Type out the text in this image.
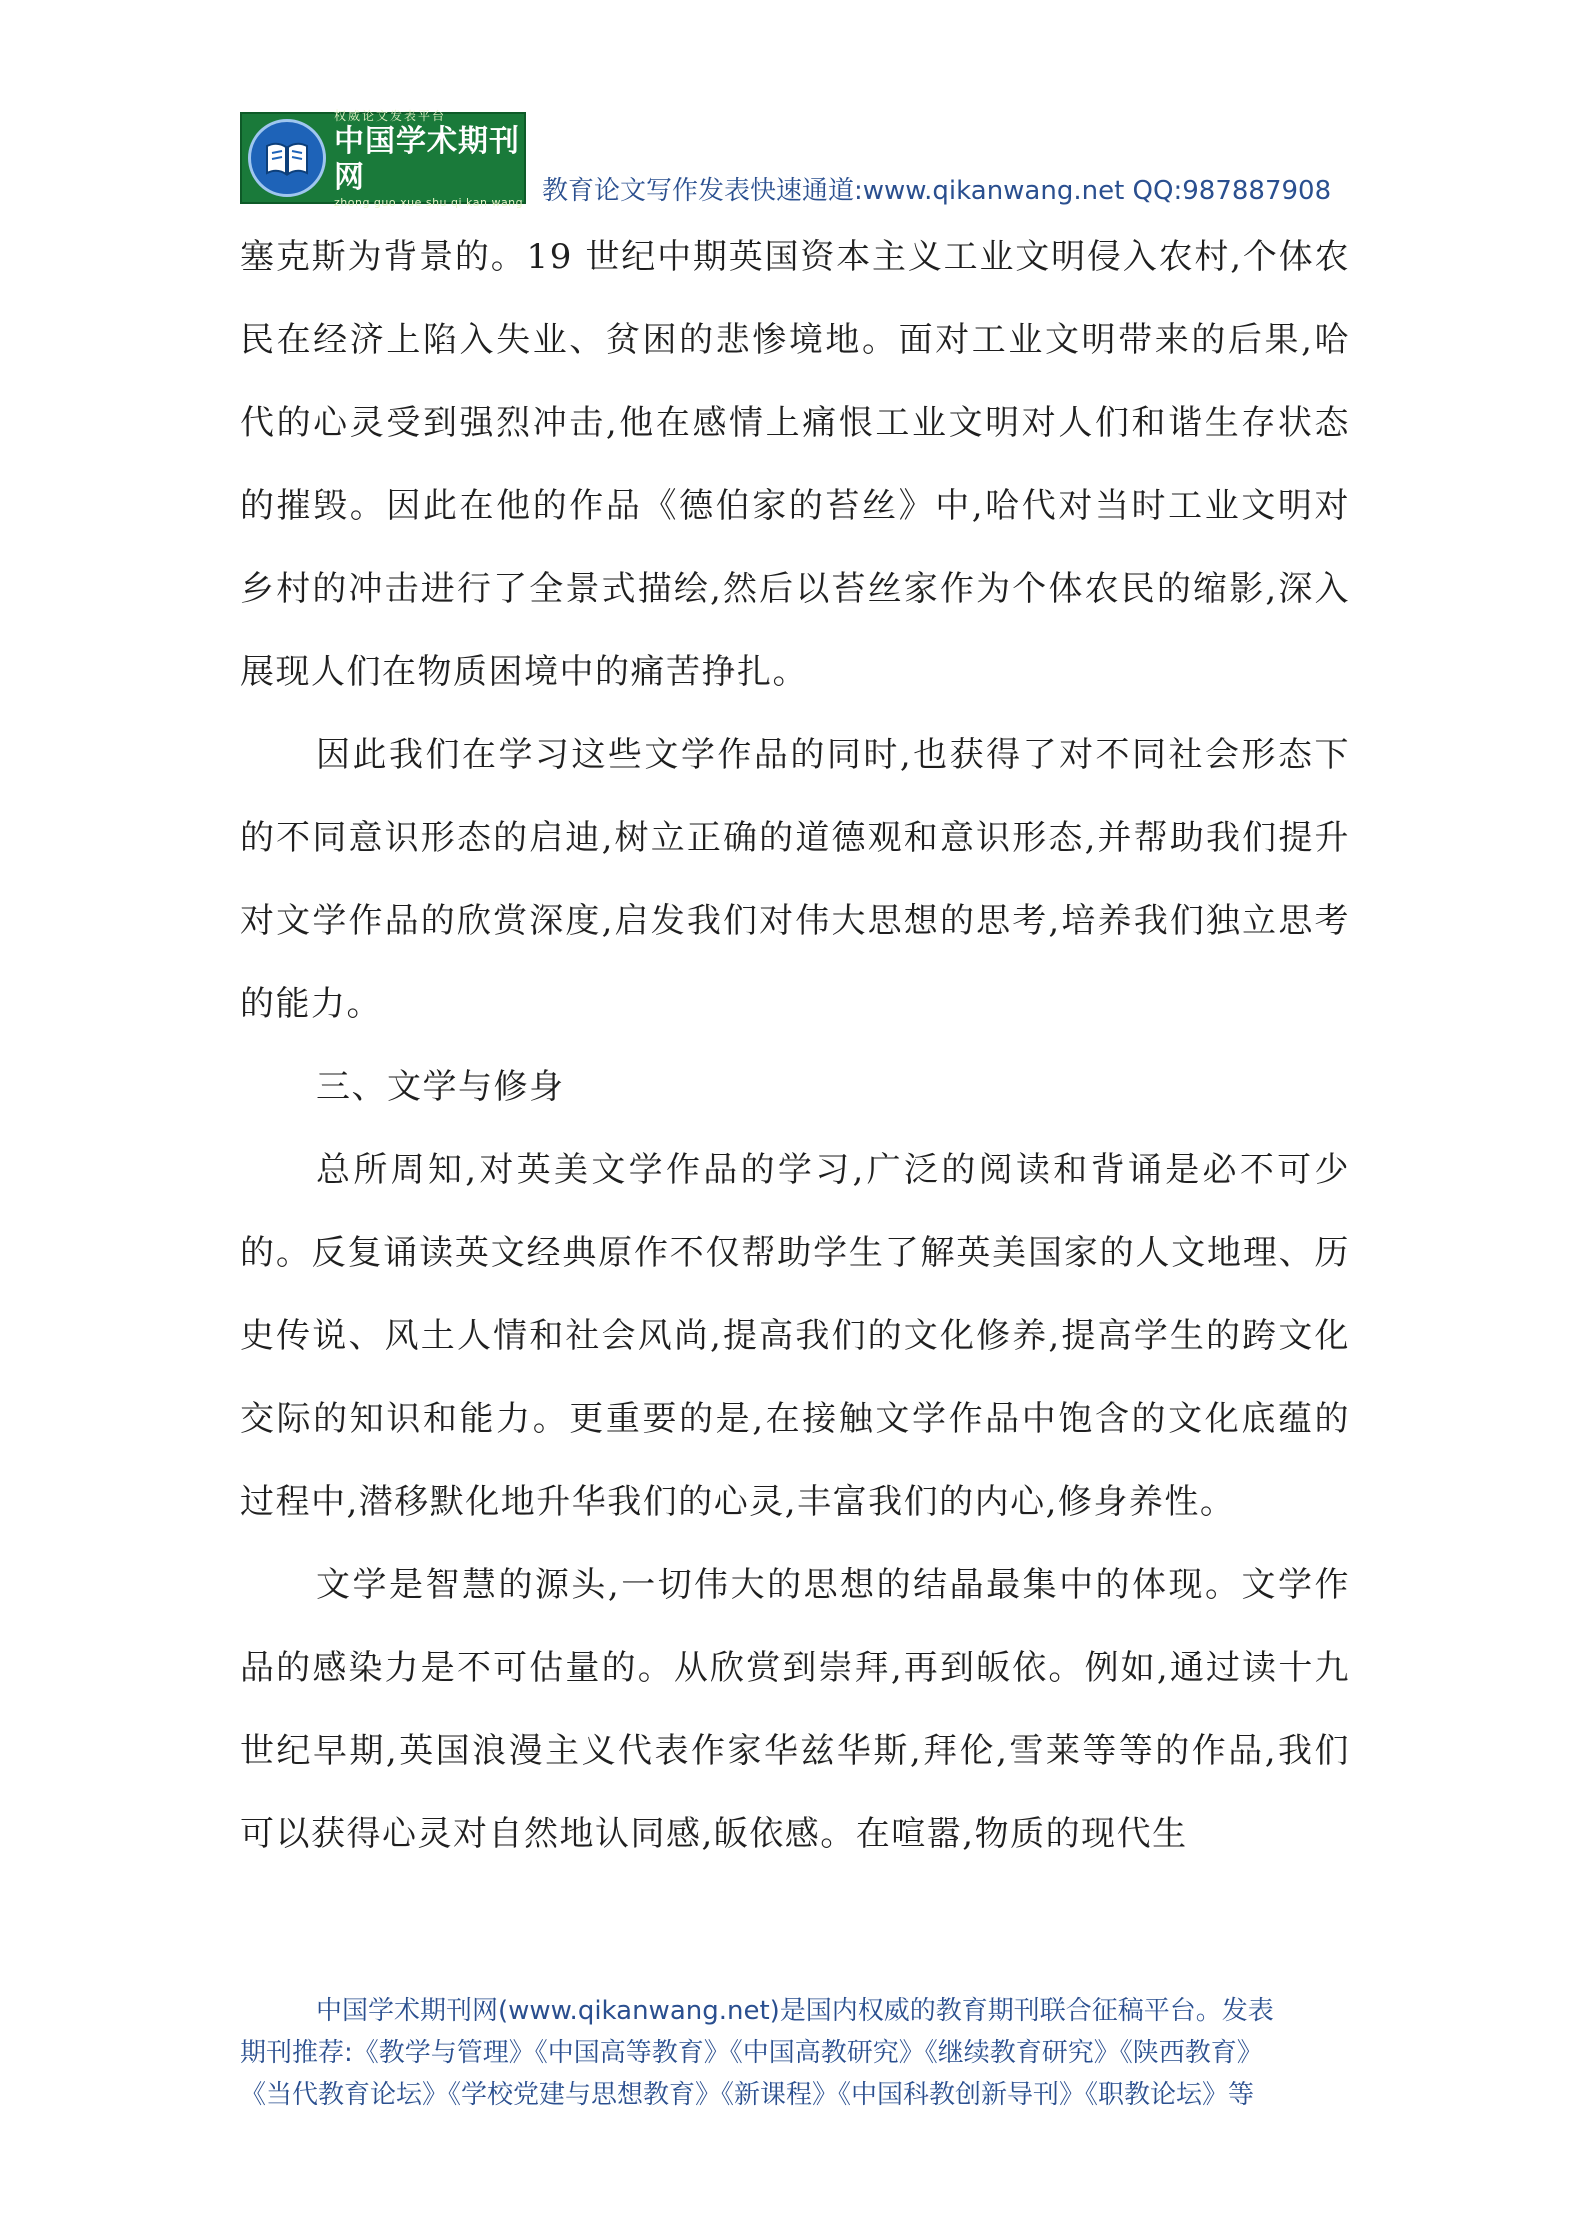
权威论文发表平台
中国学术期刊网
zhong guo xue shu qi kan wang 教育论文写作发表快速通道:www.qikanwang.net QQ:987887908

塞克斯为背景的。19 世纪中期英国资本主义工业文明侵入农村,个体农民在经济上陷入失业、贫困的悲惨境地。面对工业文明带来的后果,哈代的心灵受到强烈冲击,他在感情上痛恨工业文明对人们和谐生存状态的摧毁。因此在他的作品《德伯家的苔丝》中,哈代对当时工业文明对乡村的冲击进行了全景式描绘,然后以苔丝家作为个体农民的缩影,深入展现人们在物质困境中的痛苦挣扎。

因此我们在学习这些文学作品的同时,也获得了对不同社会形态下的不同意识形态的启迪,树立正确的道德观和意识形态,并帮助我们提升对文学作品的欣赏深度,启发我们对伟大思想的思考,培养我们独立思考的能力。

三、文学与修身

总所周知,对英美文学作品的学习,广泛的阅读和背诵是必不可少的。反复诵读英文经典原作不仅帮助学生了解英美国家的人文地理、历史传说、风土人情和社会风尚,提高我们的文化修养,提高学生的跨文化交际的知识和能力。更重要的是,在接触文学作品中饱含的文化底蕴的过程中,潜移默化地升华我们的心灵,丰富我们的内心,修身养性。

文学是智慧的源头,一切伟大的思想的结晶最集中的体现。文学作品的感染力是不可估量的。从欣赏到崇拜,再到皈依。例如,通过读十九世纪早期,英国浪漫主义代表作家华兹华斯,拜伦,雪莱等等的作品,我们可以获得心灵对自然地认同感,皈依感。在喧嚣,物质的现代生

中国学术期刊网(www.qikanwang.net)是国内权威的教育期刊联合征稿平台。发表
期刊推荐:《教学与管理》《中国高等教育》《中国高教研究》《继续教育研究》《陕西教育》
《当代教育论坛》《学校党建与思想教育》《新课程》《中国科教创新导刊》《职教论坛》等
